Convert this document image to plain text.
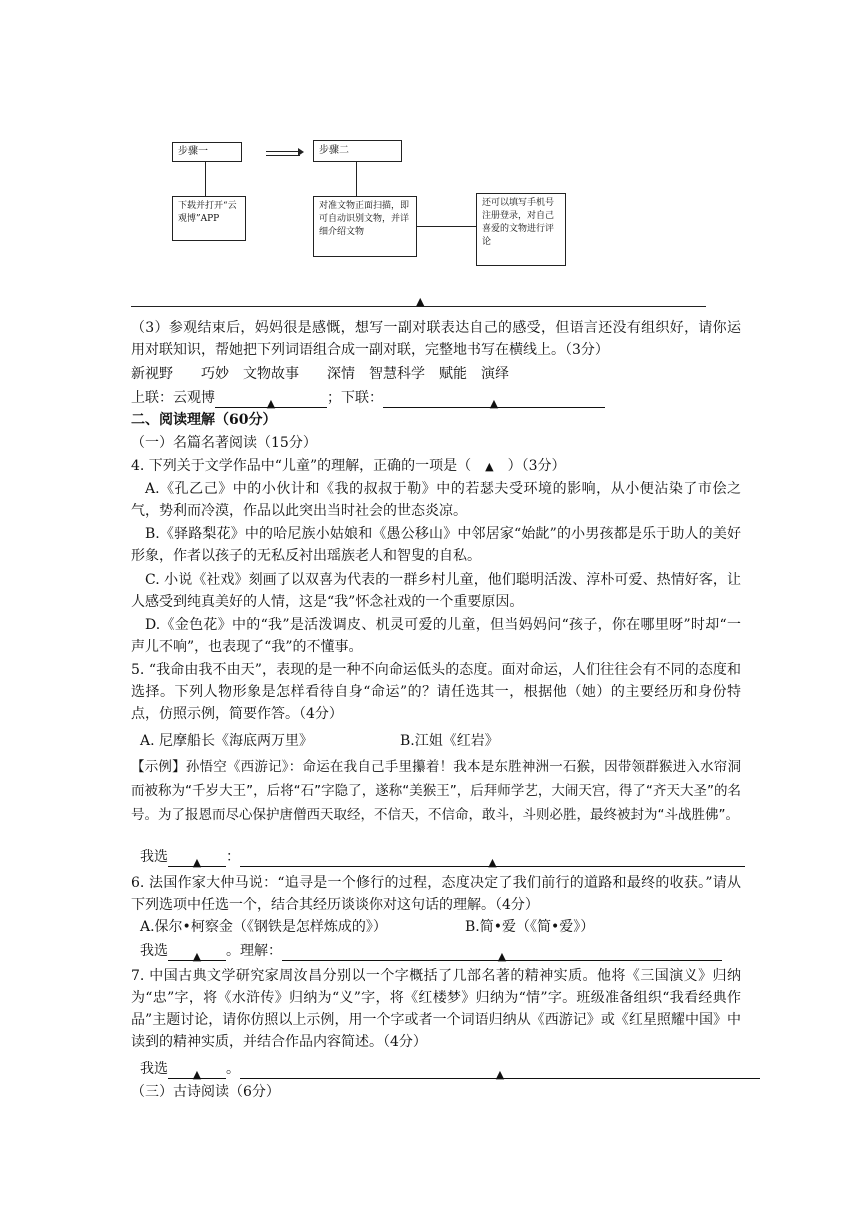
步骤一	步骤二
下载并打开“云观博”APP
对准文物正面扫描，即可自动识别文物，并详细介绍文物
还可以填写手机号注册登录，对自己喜爱的文物进行评论
▲
（3）参观结束后，妈妈很是感慨，想写一副对联表达自己的感受，但语言还没有组织好，请你运用对联知识，帮她把下列词语组合成一副对联，完整地书写在横线上。（3分）
新视野　　巧妙　文物故事　　深情　智慧科学　赋能　演绎
上联：云观博	▲	；下联：	▲
二、阅读理解（60分）
（一）名篇名著阅读（15分）
4. 下列关于文学作品中“儿童”的理解，正确的一项是（ ▲ ）（3分）
A.《孔乙己》中的小伙计和《我的叔叔于勒》中的若瑟夫受环境的影响，从小便沾染了市侩之气，势利而冷漠，作品以此突出当时社会的世态炎凉。
B.《驿路梨花》中的哈尼族小姑娘和《愚公移山》中邻居家“始龀”的小男孩都是乐于助人的美好形象，作者以孩子的无私反衬出瑶族老人和智叟的自私。
C. 小说《社戏》刻画了以双喜为代表的一群乡村儿童，他们聪明活泼、淳朴可爱、热情好客，让人感受到纯真美好的人情，这是“我”怀念社戏的一个重要原因。
D.《金色花》中的“我”是活泼调皮、机灵可爱的儿童，但当妈妈问“孩子，你在哪里呀”时却“一声儿不响”，也表现了“我”的不懂事。
5. “我命由我不由天”，表现的是一种不向命运低头的态度。面对命运，人们往往会有不同的态度和选择。下列人物形象是怎样看待自身“命运”的？请任选其一，根据他（她）的主要经历和身份特点，仿照示例，简要作答。（4分）
A. 尼摩船长《海底两万里》	B.江姐《红岩》
【示例】孙悟空《西游记》：命运在我自己手里攥着！我本是东胜神洲一石猴，因带领群猴进入水帘洞而被称为“千岁大王”，后将“石”字隐了，遂称“美猴王”，后拜师学艺，大闹天宫，得了“齐天大圣”的名号。为了报恩而尽心保护唐僧西天取经，不信天，不信命，敢斗，斗则必胜，最终被封为“斗战胜佛”。
我选 ▲ ：	▲
6. 法国作家大仲马说：“追寻是一个修行的过程，态度决定了我们前行的道路和最终的收获。”请从下列选项中任选一个，结合其经历谈谈你对这句话的理解。（4分）
A.保尔•柯察金（《钢铁是怎样炼成的》）	B.简•爱（《简•爱》）
我选 ▲ 。理解：	▲
7. 中国古典文学研究家周汝昌分别以一个字概括了几部名著的精神实质。他将《三国演义》归纳为“忠”字，将《水浒传》归纳为“义”字，将《红楼梦》归纳为“情”字。班级准备组织“我看经典作品”主题讨论，请你仿照以上示例，用一个字或者一个词语归纳从《西游记》或《红星照耀中国》中读到的精神实质，并结合作品内容简述。（4分）
我选 ▲ 。	▲
（三）古诗阅读（6分）
